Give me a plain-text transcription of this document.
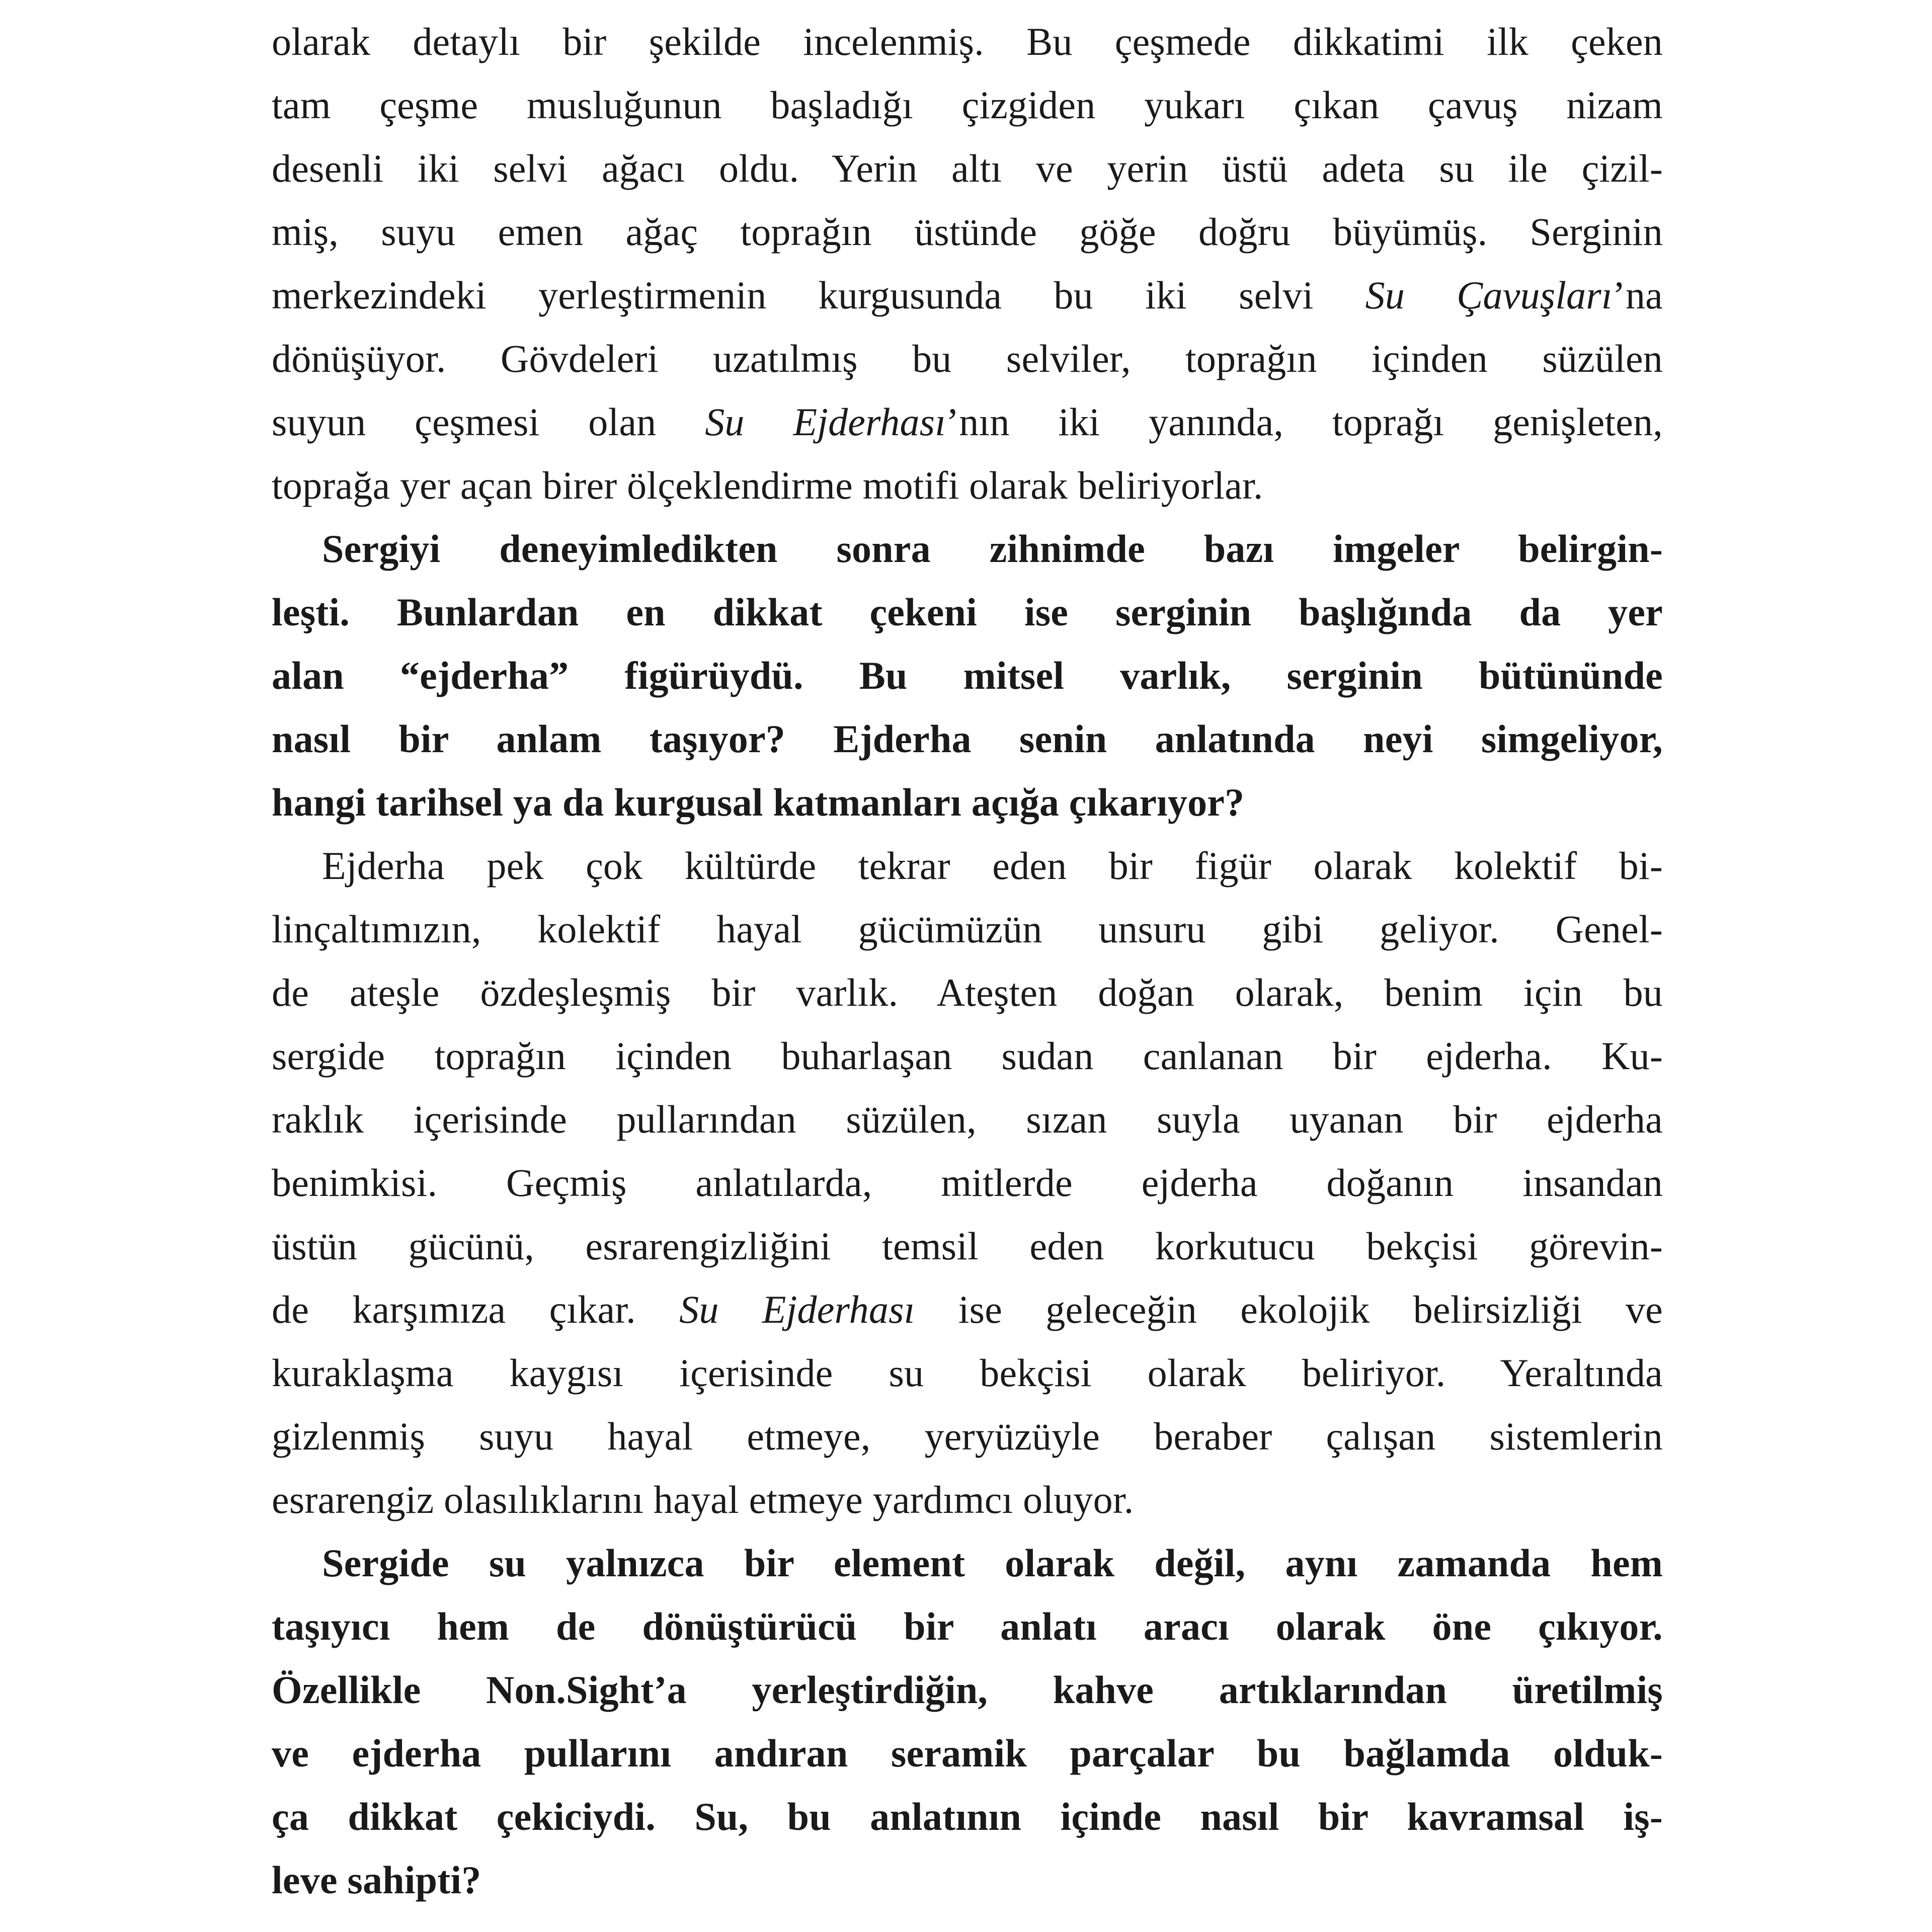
olarak detaylı bir şekilde incelenmiş. Bu çeşmede dikkatimi ilk çeken
tam çeşme musluğunun başladığı çizgiden yukarı çıkan çavuş nizam
desenli iki selvi ağacı oldu. Yerin altı ve yerin üstü adeta su ile çizil-
miş, suyu emen ağaç toprağın üstünde göğe doğru büyümüş. Serginin
merkezindeki yerleştirmenin kurgusunda bu iki selvi Su Çavuşları’na
dönüşüyor. Gövdeleri uzatılmış bu selviler, toprağın içinden süzülen
suyun çeşmesi olan Su Ejderhası’nın iki yanında, toprağı genişleten,
toprağa yer açan birer ölçeklendirme motifi olarak beliriyorlar.
Sergiyi deneyimledikten sonra zihnimde bazı imgeler belirgin-
leşti. Bunlardan en dikkat çekeni ise serginin başlığında da yer
alan “ejderha” figürüydü. Bu mitsel varlık, serginin bütününde
nasıl bir anlam taşıyor? Ejderha senin anlatında neyi simgeliyor,
hangi tarihsel ya da kurgusal katmanları açığa çıkarıyor?
Ejderha pek çok kültürde tekrar eden bir figür olarak kolektif bi-
linçaltımızın, kolektif hayal gücümüzün unsuru gibi geliyor. Genel-
de ateşle özdeşleşmiş bir varlık. Ateşten doğan olarak, benim için bu
sergide toprağın içinden buharlaşan sudan canlanan bir ejderha. Ku-
raklık içerisinde pullarından süzülen, sızan suyla uyanan bir ejderha
benimkisi. Geçmiş anlatılarda, mitlerde ejderha doğanın insandan
üstün gücünü, esrarengizliğini temsil eden korkutucu bekçisi görevin-
de karşımıza çıkar. Su Ejderhası ise geleceğin ekolojik belirsizliği ve
kuraklaşma kaygısı içerisinde su bekçisi olarak beliriyor. Yeraltında
gizlenmiş suyu hayal etmeye, yeryüzüyle beraber çalışan sistemlerin
esrarengiz olasılıklarını hayal etmeye yardımcı oluyor.
Sergide su yalnızca bir element olarak değil, aynı zamanda hem
taşıyıcı hem de dönüştürücü bir anlatı aracı olarak öne çıkıyor.
Özellikle Non.Sight’a yerleştirdiğin, kahve artıklarından üretilmiş
ve ejderha pullarını andıran seramik parçalar bu bağlamda olduk-
ça dikkat çekiciydi. Su, bu anlatının içinde nasıl bir kavramsal iş-
leve sahipti?
